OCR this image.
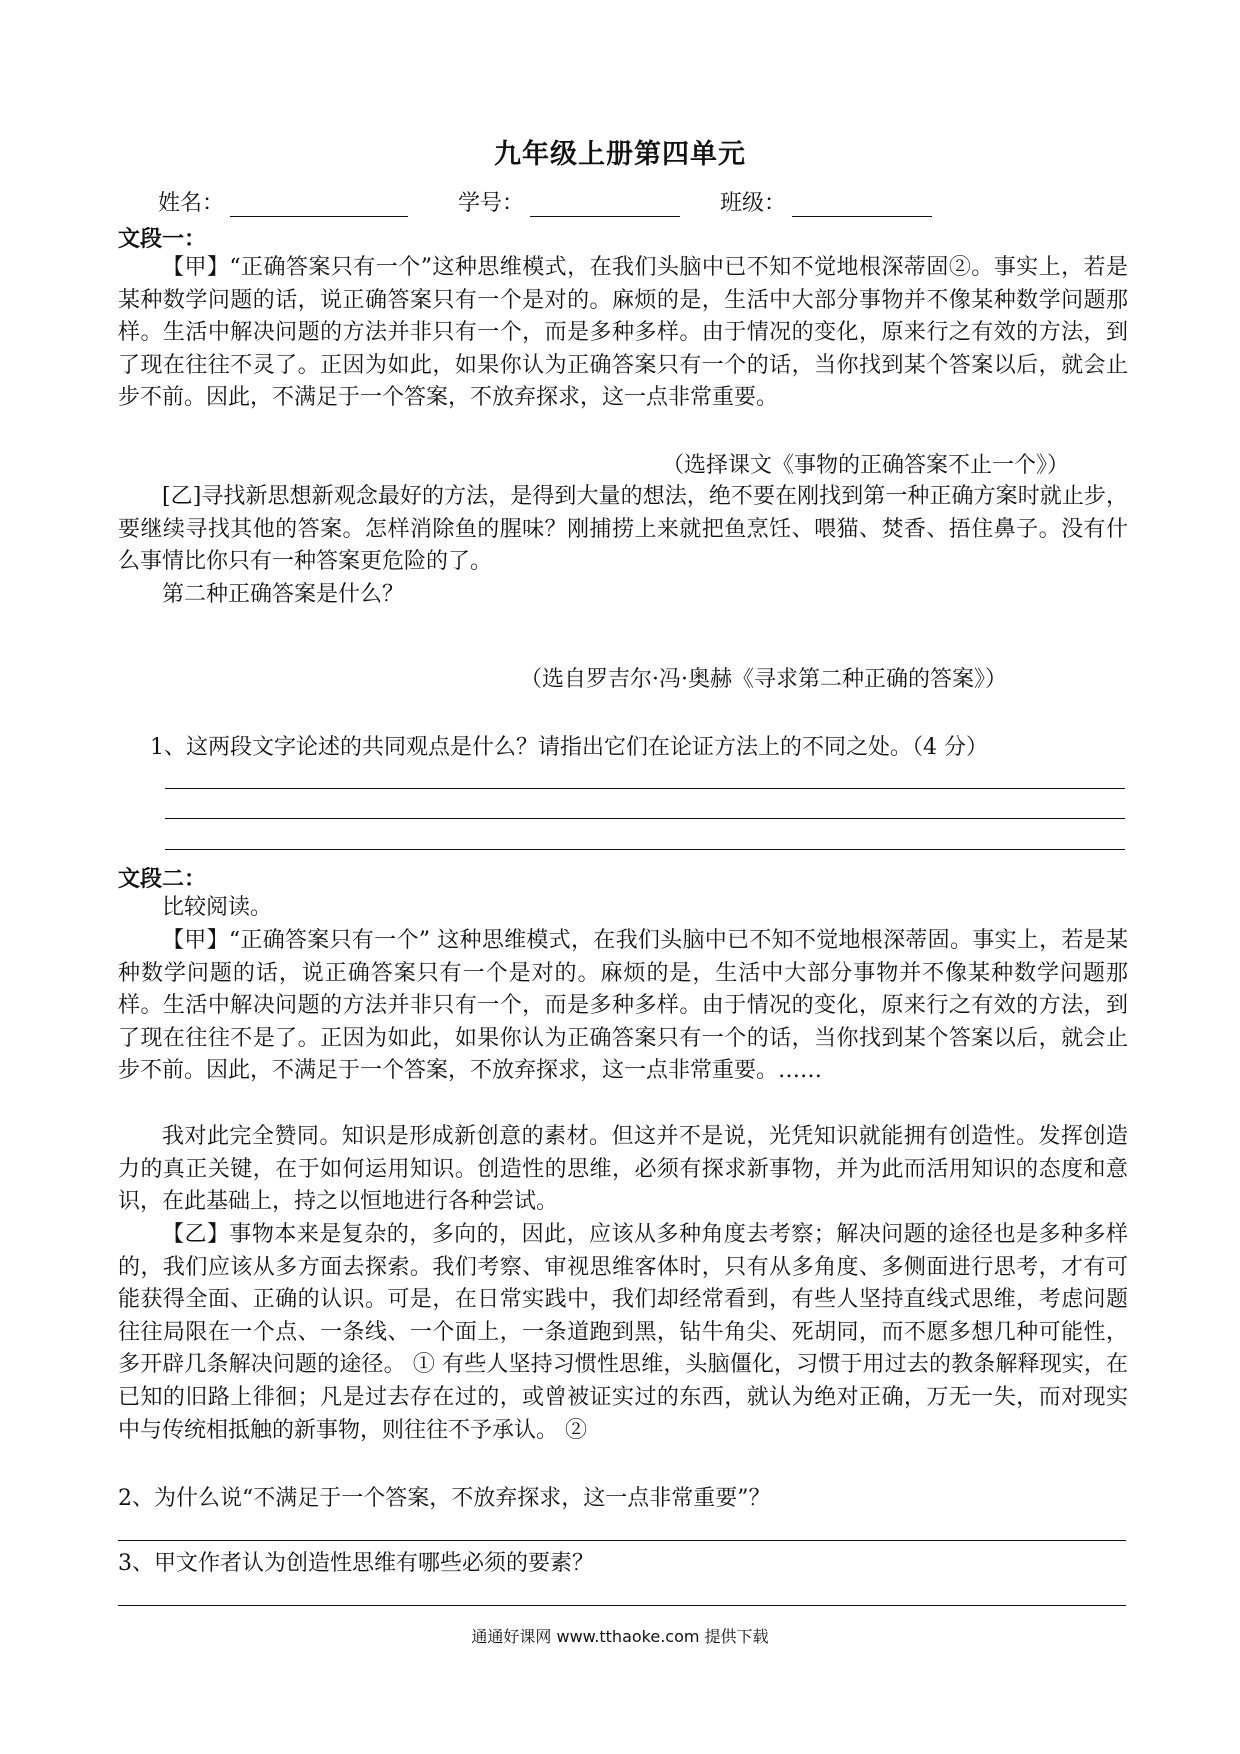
九年级上册第四单元
姓名：	学号：	班级：
文段一：

【甲】“正确答案只有一个”这种思维模式，在我们头脑中已不知不觉地根深蒂固②。事实上，若是某种数学问题的话，说正确答案只有一个是对的。麻烦的是，生活中大部分事物并不像某种数学问题那样。生活中解决问题的方法并非只有一个，而是多种多样。由于情况的变化，原来行之有效的方法，到了现在往往不灵了。正因为如此，如果你认为正确答案只有一个的话，当你找到某个答案以后，就会止步不前。因此，不满足于一个答案，不放弃探求，这一点非常重要。

（选择课文《事物的正确答案不止一个》）

[乙]寻找新思想新观念最好的方法，是得到大量的想法，绝不要在刚找到第一种正确方案时就止步，要继续寻找其他的答案。怎样消除鱼的腥味？刚捕捞上来就把鱼烹饪、喂猫、焚香、捂住鼻子。没有什么事情比你只有一种答案更危险的了。

第二种正确答案是什么？

（选自罗吉尔·冯·奥赫《寻求第二种正确的答案》）
1、这两段文字论述的共同观点是什么？请指出它们在论证方法上的不同之处。（4 分）
文段二：

比较阅读。

【甲】“正确答案只有一个” 这种思维模式，在我们头脑中已不知不觉地根深蒂固。事实上，若是某种数学问题的话，说正确答案只有一个是对的。麻烦的是，生活中大部分事物并不像某种数学问题那样。生活中解决问题的方法并非只有一个，而是多种多样。由于情况的变化，原来行之有效的方法，到了现在往往不是了。正因为如此，如果你认为正确答案只有一个的话，当你找到某个答案以后，就会止步不前。因此，不满足于一个答案，不放弃探求，这一点非常重要。……

我对此完全赞同。知识是形成新创意的素材。但这并不是说，光凭知识就能拥有创造性。发挥创造力的真正关键，在于如何运用知识。创造性的思维，必须有探求新事物，并为此而活用知识的态度和意识，在此基础上，持之以恒地进行各种尝试。

【乙】事物本来是复杂的，多向的，因此，应该从多种角度去考察；解决问题的途径也是多种多样的，我们应该从多方面去探索。我们考察、审视思维客体时，只有从多角度、多侧面进行思考，才有可能获得全面、正确的认识。可是，在日常实践中，我们却经常看到，有些人坚持直线式思维，考虑问题往往局限在一个点、一条线、一个面上，一条道跑到黑，钻牛角尖、死胡同，而不愿多想几种可能性，多开辟几条解决问题的途径。 ① 有些人坚持习惯性思维，头脑僵化，习惯于用过去的教条解释现实，在已知的旧路上徘徊；凡是过去存在过的，或曾被证实过的东西，就认为绝对正确，万无一失，而对现实中与传统相抵触的新事物，则往往不予承认。 ②

2、为什么说“不满足于一个答案，不放弃探求，这一点非常重要”？
3、甲文作者认为创造性思维有哪些必须的要素？
通通好课网 www.tthaoke.com 提供下载
